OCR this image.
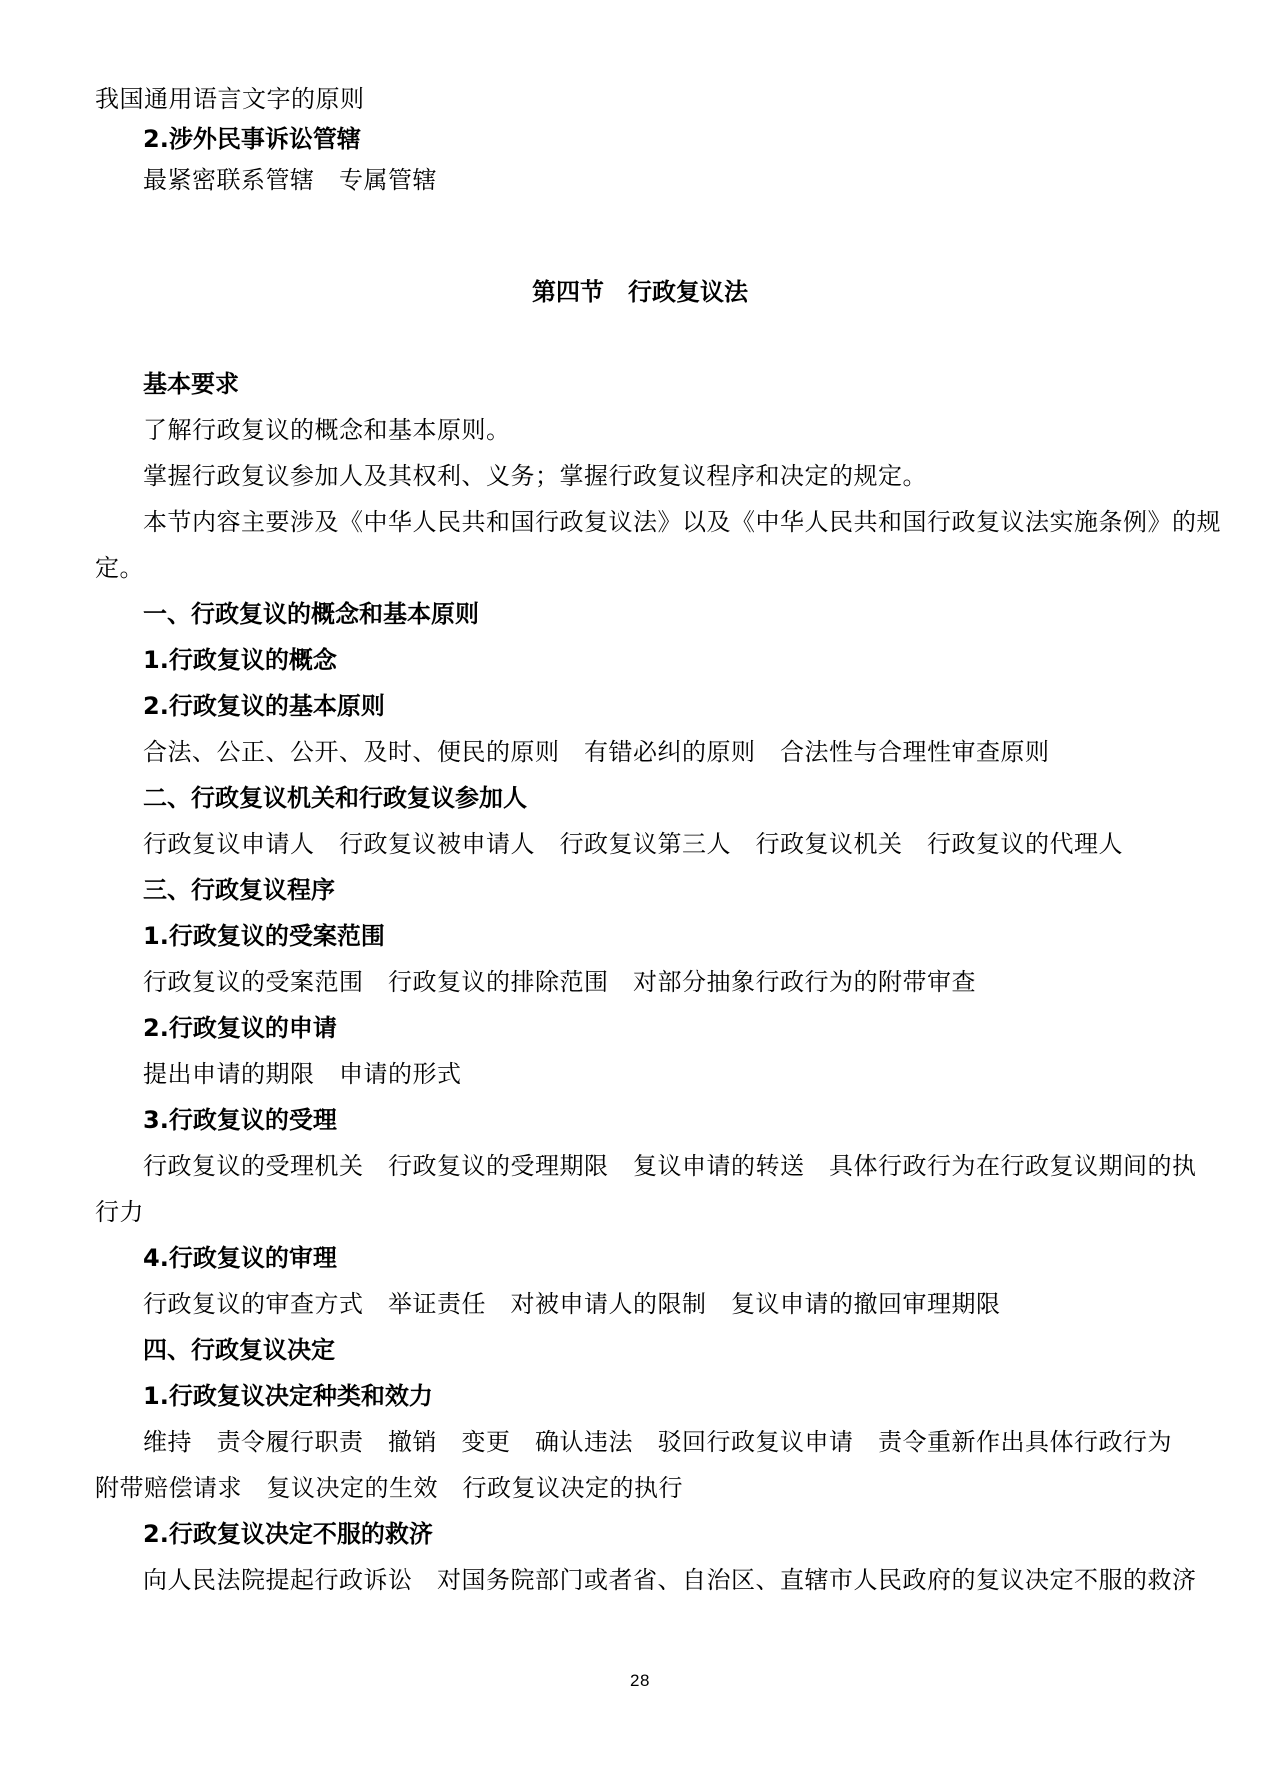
我国通用语言文字的原则
2.涉外民事诉讼管辖
最紧密联系管辖　专属管辖
第四节　行政复议法
基本要求
了解行政复议的概念和基本原则。
掌握行政复议参加人及其权利、义务；掌握行政复议程序和决定的规定。
本节内容主要涉及《中华人民共和国行政复议法》以及《中华人民共和国行政复议法实施条例》的规
定。
一、行政复议的概念和基本原则
1.行政复议的概念
2.行政复议的基本原则
合法、公正、公开、及时、便民的原则　有错必纠的原则　合法性与合理性审查原则
二、行政复议机关和行政复议参加人
行政复议申请人　行政复议被申请人　行政复议第三人　行政复议机关　行政复议的代理人
三、行政复议程序
1.行政复议的受案范围
行政复议的受案范围　行政复议的排除范围　对部分抽象行政行为的附带审查
2.行政复议的申请
提出申请的期限　申请的形式
3.行政复议的受理
行政复议的受理机关　行政复议的受理期限　复议申请的转送　具体行政行为在行政复议期间的执
行力
4.行政复议的审理
行政复议的审查方式　举证责任　对被申请人的限制　复议申请的撤回审理期限
四、行政复议决定
1.行政复议决定种类和效力
维持　责令履行职责　撤销　变更　确认违法　驳回行政复议申请　责令重新作出具体行政行为
附带赔偿请求　复议决定的生效　行政复议决定的执行
2.行政复议决定不服的救济
向人民法院提起行政诉讼　对国务院部门或者省、自治区、直辖市人民政府的复议决定不服的救济
28
